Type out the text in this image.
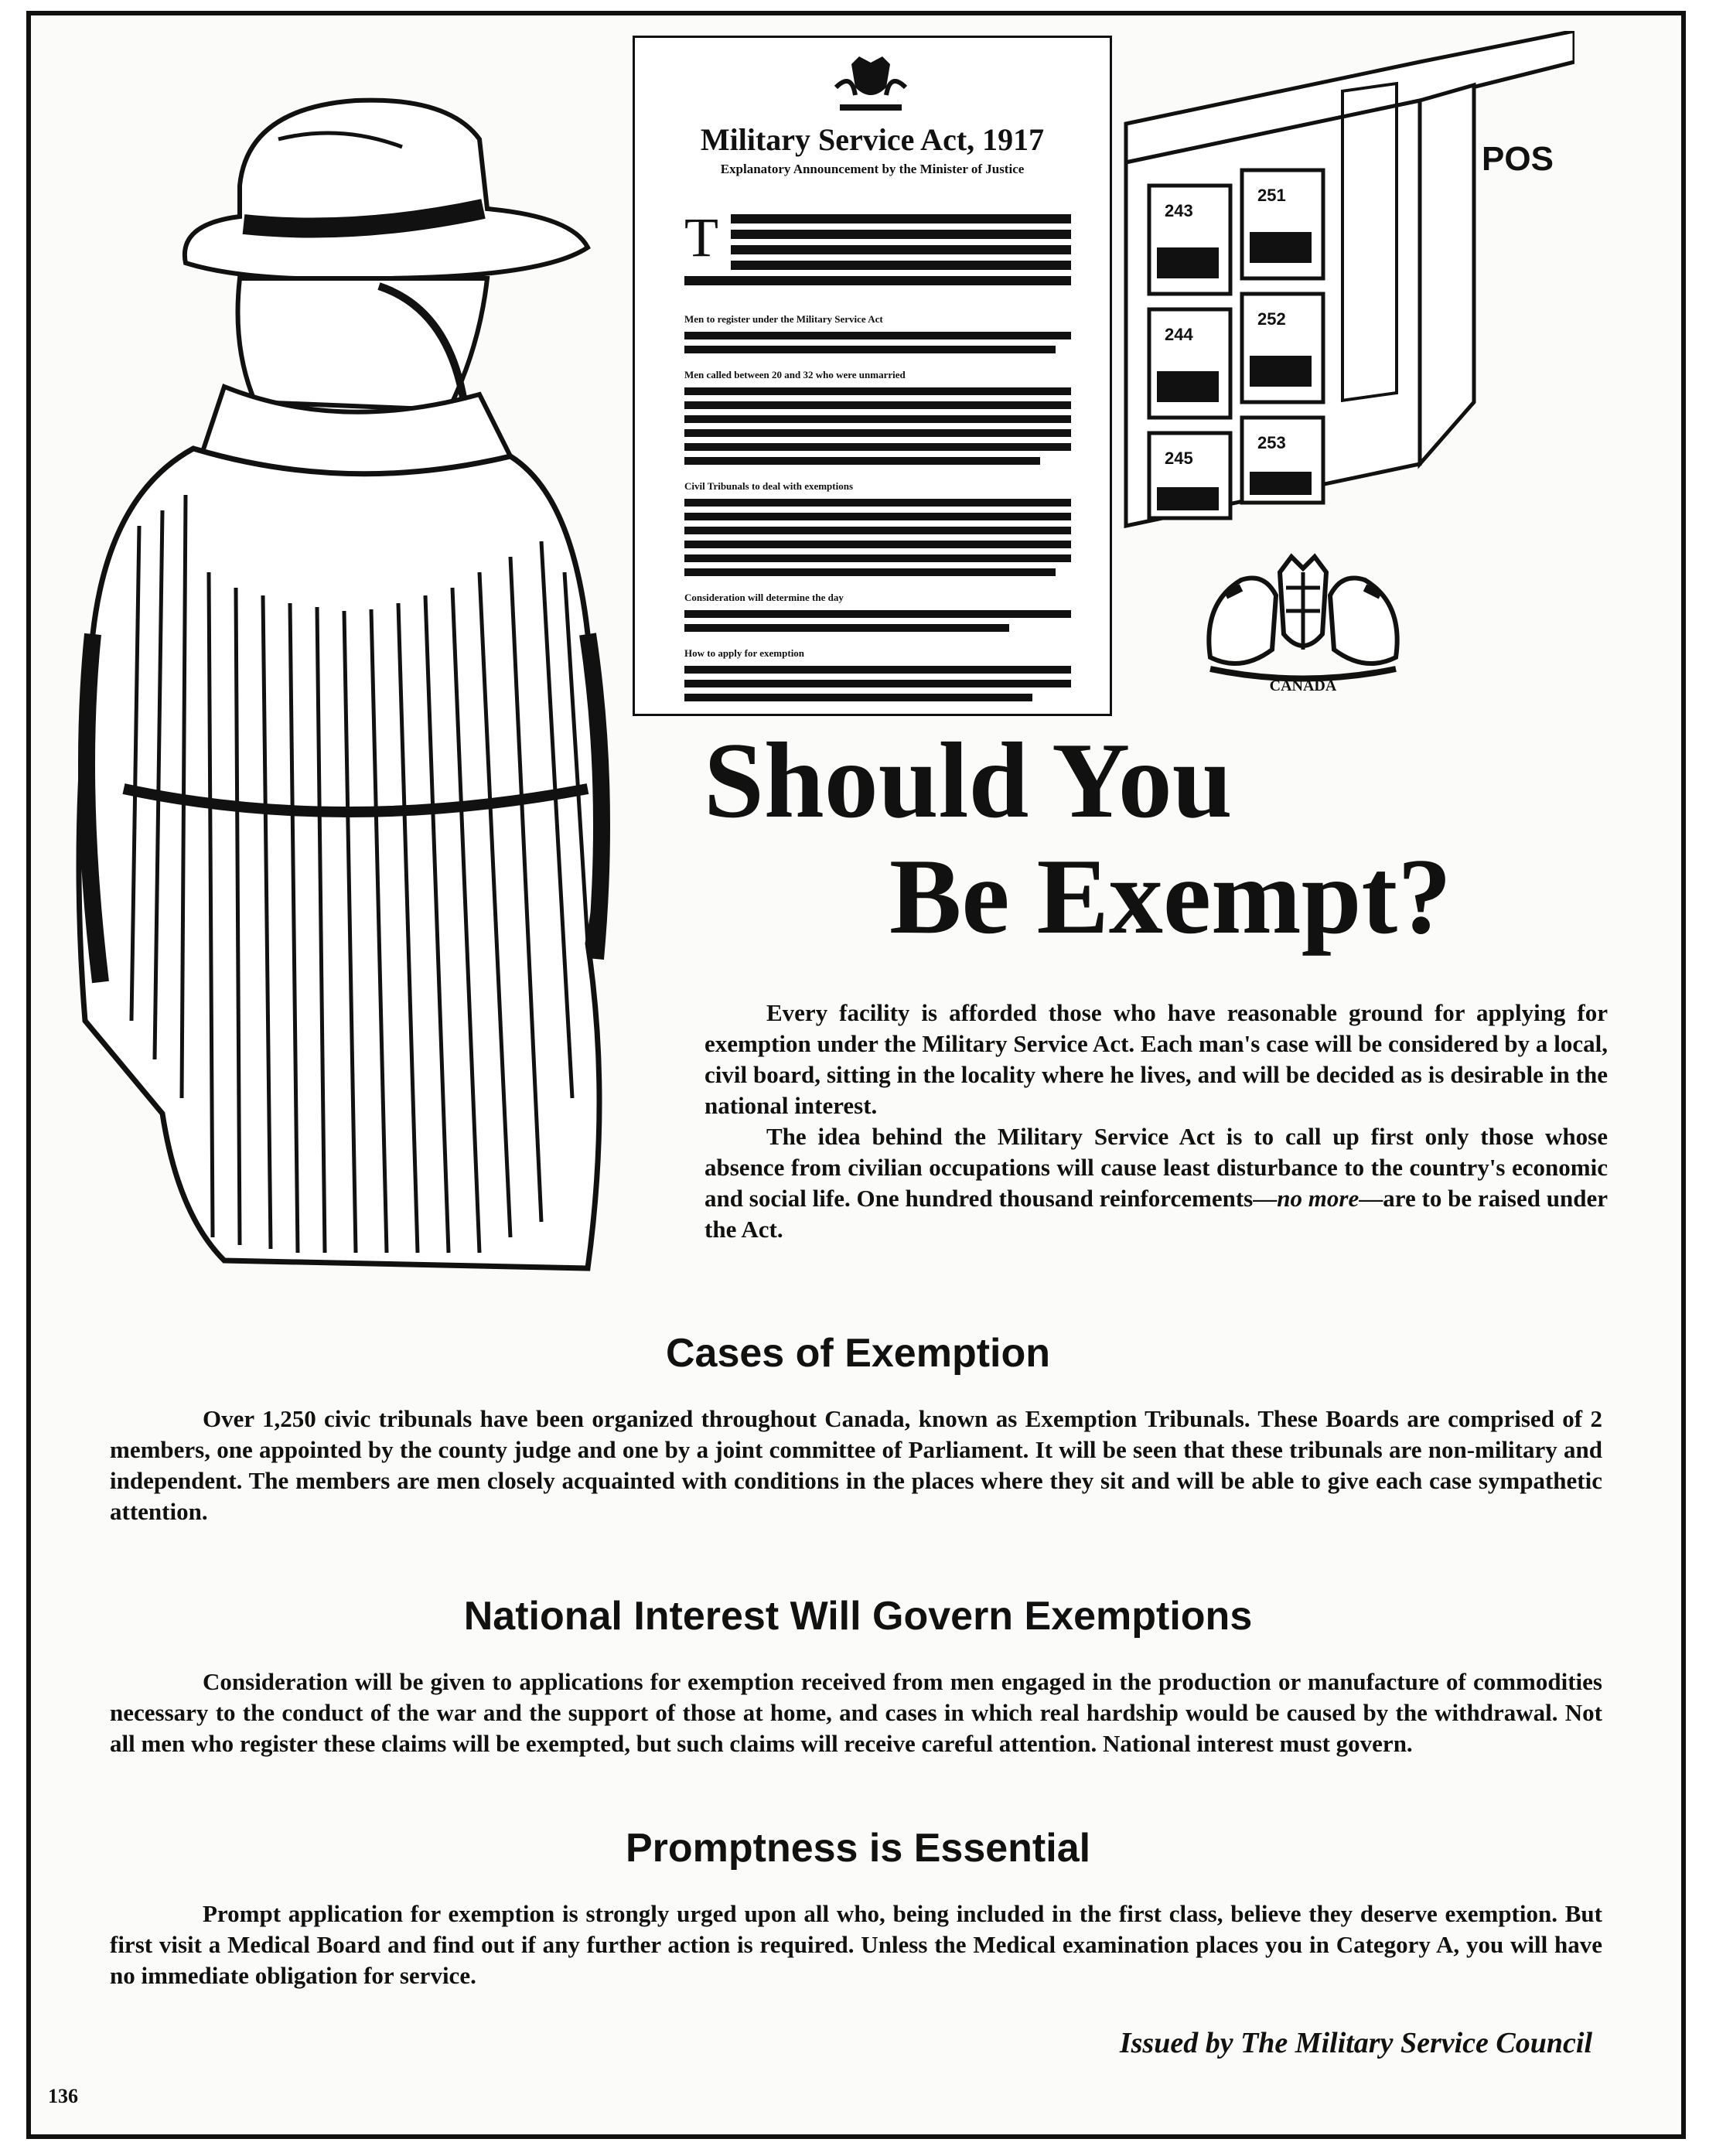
Military Service Act, 1917
Explanatory Announcement by the Minister of Justice
T
Men to register under the Military Service Act
Men called between 20 and 32 who were unmarried
Civil Tribunals to deal with exemptions
Consideration will determine the day
How to apply for exemption
POS
243
251
244
252
245
253
CANADA
Should You
Be Exempt?

Every facility is afforded those who have reasonable ground for applying for exemption under the Military Service Act. Each man's case will be considered by a local, civil board, sitting in the locality where he lives, and will be decided as is desirable in the national interest.

The idea behind the Military Service Act is to call up first only those whose absence from civilian occupations will cause least disturbance to the country's economic and social life. One hundred thousand reinforcements—no more—are to be raised under the Act.

Cases of Exemption

Over 1,250 civic tribunals have been organized throughout Canada, known as Exemption Tribunals. These Boards are comprised of 2 members, one appointed by the county judge and one by a joint committee of Parliament. It will be seen that these tribunals are non-military and independent. The members are men closely acquainted with conditions in the places where they sit and will be able to give each case sympathetic attention.

National Interest Will Govern Exemptions

Consideration will be given to applications for exemption received from men engaged in the production or manufacture of commodities necessary to the conduct of the war and the support of those at home, and cases in which real hardship would be caused by the withdrawal. Not all men who register these claims will be exempted, but such claims will receive careful attention. National interest must govern.

Promptness is Essential

Prompt application for exemption is strongly urged upon all who, being included in the first class, believe they deserve exemption. But first visit a Medical Board and find out if any further action is required. Unless the Medical examination places you in Category A, you will have no immediate obligation for service.

Issued by The Military Service Council
136
